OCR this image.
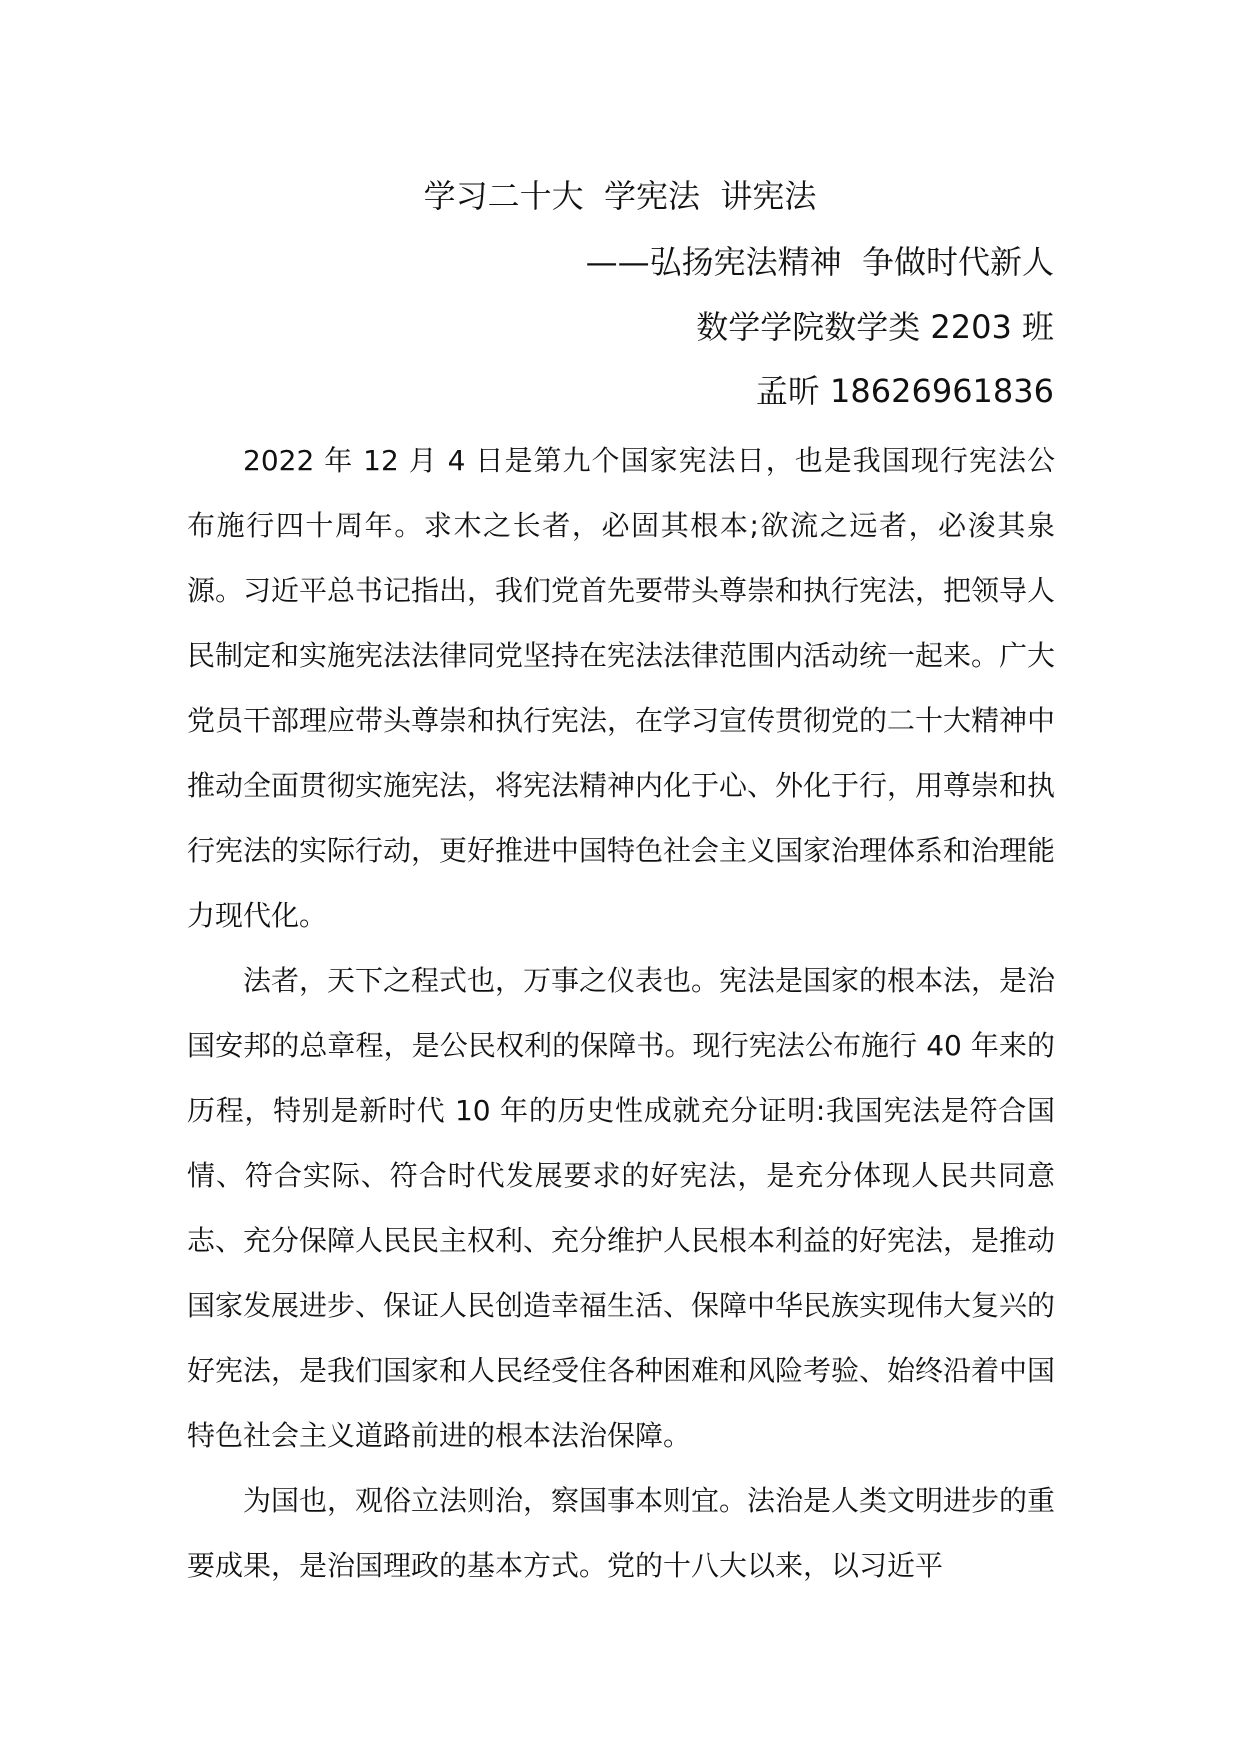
学习二十大  学宪法  讲宪法
——弘扬宪法精神  争做时代新人
数学学院数学类 2203 班
孟昕 18626961836

2022 年 12 月 4 日是第九个国家宪法日，也是我国现行宪法公布施行四十周年。求木之长者，必固其根本;欲流之远者，必浚其泉源。习近平总书记指出，我们党首先要带头尊崇和执行宪法，把领导人民制定和实施宪法法律同党坚持在宪法法律范围内活动统一起来。广大党员干部理应带头尊崇和执行宪法，在学习宣传贯彻党的二十大精神中推动全面贯彻实施宪法，将宪法精神内化于心、外化于行，用尊崇和执行宪法的实际行动，更好推进中国特色社会主义国家治理体系和治理能力现代化。

法者，天下之程式也，万事之仪表也。宪法是国家的根本法，是治国安邦的总章程，是公民权利的保障书。现行宪法公布施行 40 年来的历程，特别是新时代 10 年的历史性成就充分证明:我国宪法是符合国情、符合实际、符合时代发展要求的好宪法，是充分体现人民共同意志、充分保障人民民主权利、充分维护人民根本利益的好宪法，是推动国家发展进步、保证人民创造幸福生活、保障中华民族实现伟大复兴的好宪法，是我们国家和人民经受住各种困难和风险考验、始终沿着中国特色社会主义道路前进的根本法治保障。

为国也，观俗立法则治，察国事本则宜。法治是人类文明进步的重要成果，是治国理政的基本方式。党的十八大以来，以习近平
